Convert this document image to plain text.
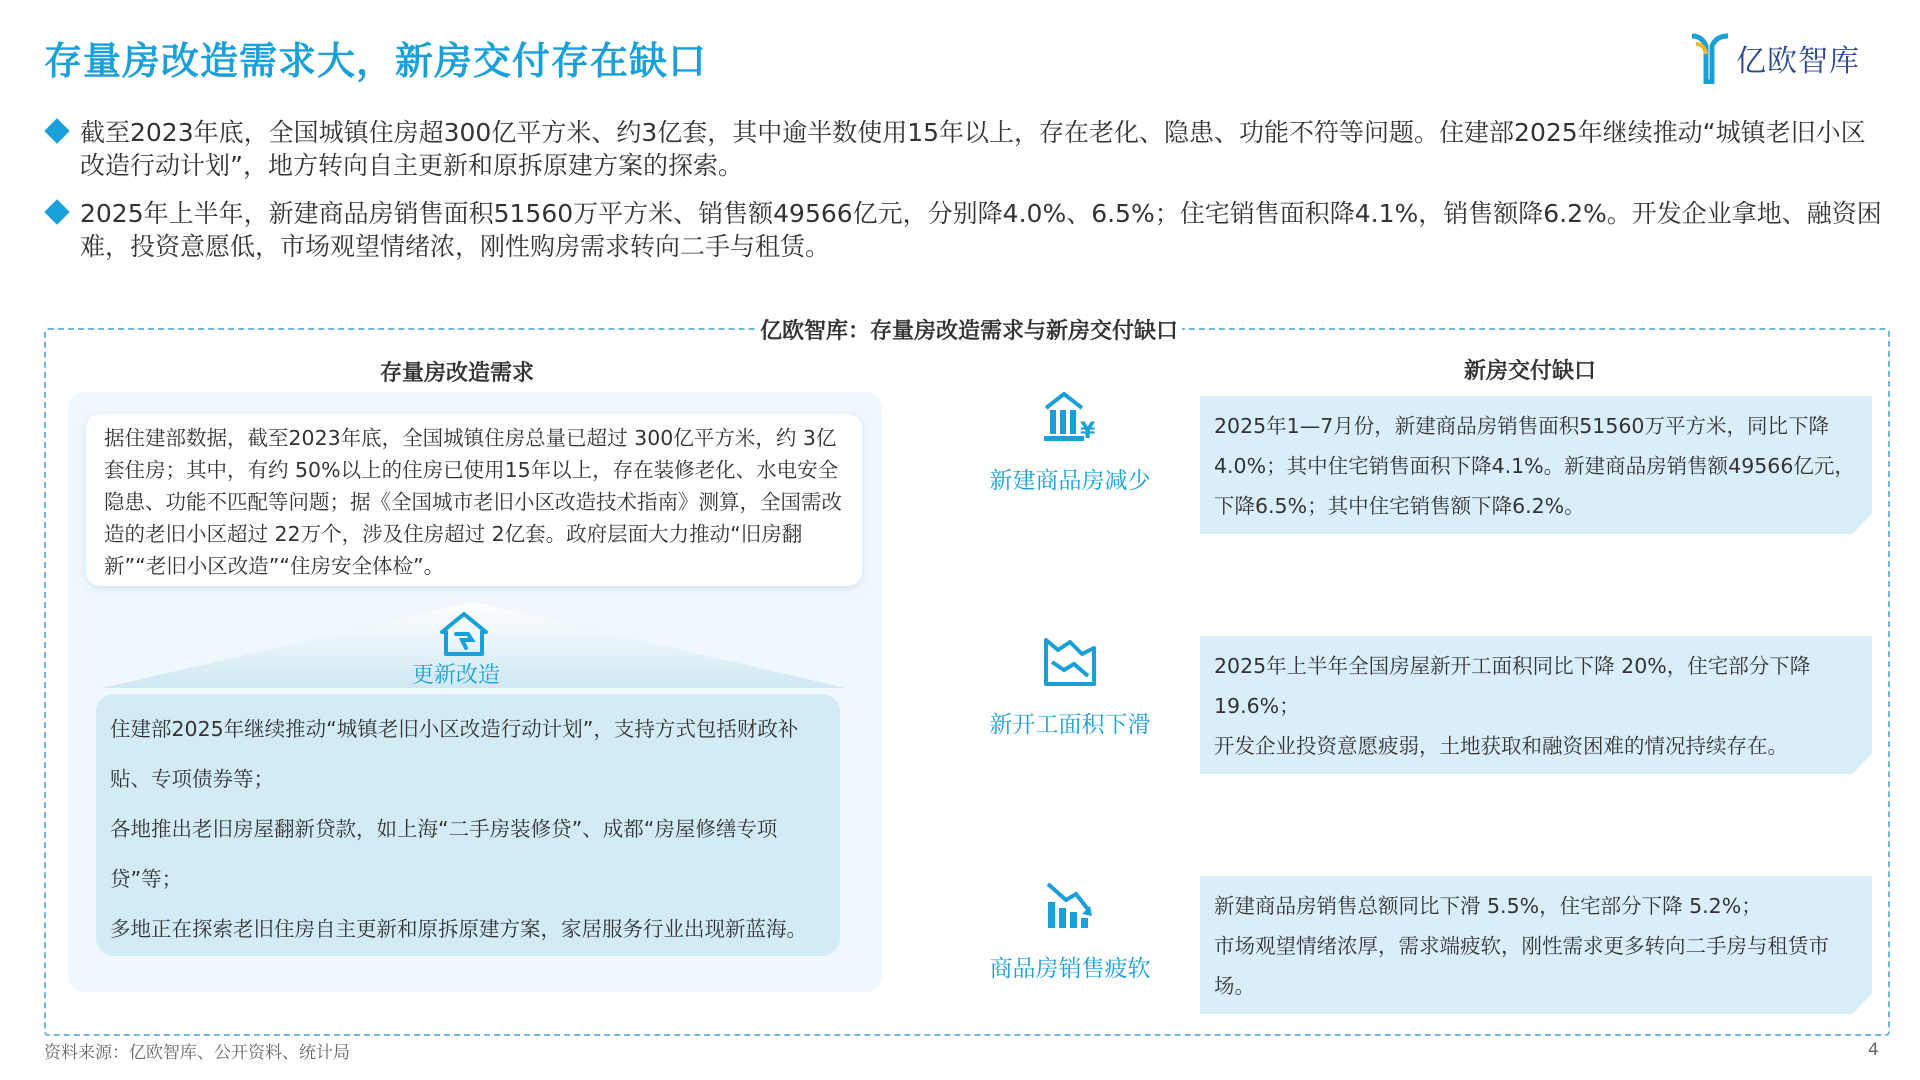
存量房改造需求大，新房交付存在缺口	亿欧智库
截至2023年底，全国城镇住房超300亿平方米、约3亿套，其中逾半数使用15年以上，存在老化、隐患、功能不符等问题。住建部2025年继续推动“城镇老旧小区改造行动计划”，地方转向自主更新和原拆原建方案的探索。
2025年上半年，新建商品房销售面积51560万平方米、销售额49566亿元，分别降4.0%、6.5%；住宅销售面积降4.1%，销售额降6.2%。开发企业拿地、融资困难，投资意愿低，市场观望情绪浓，刚性购房需求转向二手与租赁。
亿欧智库：存量房改造需求与新房交付缺口
存量房改造需求	新房交付缺口
据住建部数据，截至2023年底，全国城镇住房总量已超过 300亿平方米，约 3亿套住房；其中，有约 50%以上的住房已使用15年以上，存在装修老化、水电安全隐患、功能不匹配等问题；据《全国城市老旧小区改造技术指南》测算，全国需改造的老旧小区超过 22万个，涉及住房超过 2亿套。政府层面大力推动“旧房翻新”“老旧小区改造”“住房安全体检”。
更新改造

住建部2025年继续推动“城镇老旧小区改造行动计划”，支持方式包括财政补贴、专项债券等；

各地推出老旧房屋翻新贷款，如上海“二手房装修贷”、成都“房屋修缮专项贷”等；

多地正在探索老旧住房自主更新和原拆原建方案，家居服务行业出现新蓝海。

¥
新建商品房减少
新开工面积下滑
商品房销售疲软
2025年1—7月份，新建商品房销售面积51560万平方米，同比下降4.0%；其中住宅销售面积下降4.1%。新建商品房销售额49566亿元，下降6.5%；其中住宅销售额下降6.2%。
2025年上半年全国房屋新开工面积同比下降 20%，住宅部分下降 19.6%；
开发企业投资意愿疲弱，土地获取和融资困难的情况持续存在。
新建商品房销售总额同比下滑 5.5%，住宅部分下降 5.2%；
市场观望情绪浓厚，需求端疲软，刚性需求更多转向二手房与租赁市场。
资料来源：亿欧智库、公开资料、统计局	4
